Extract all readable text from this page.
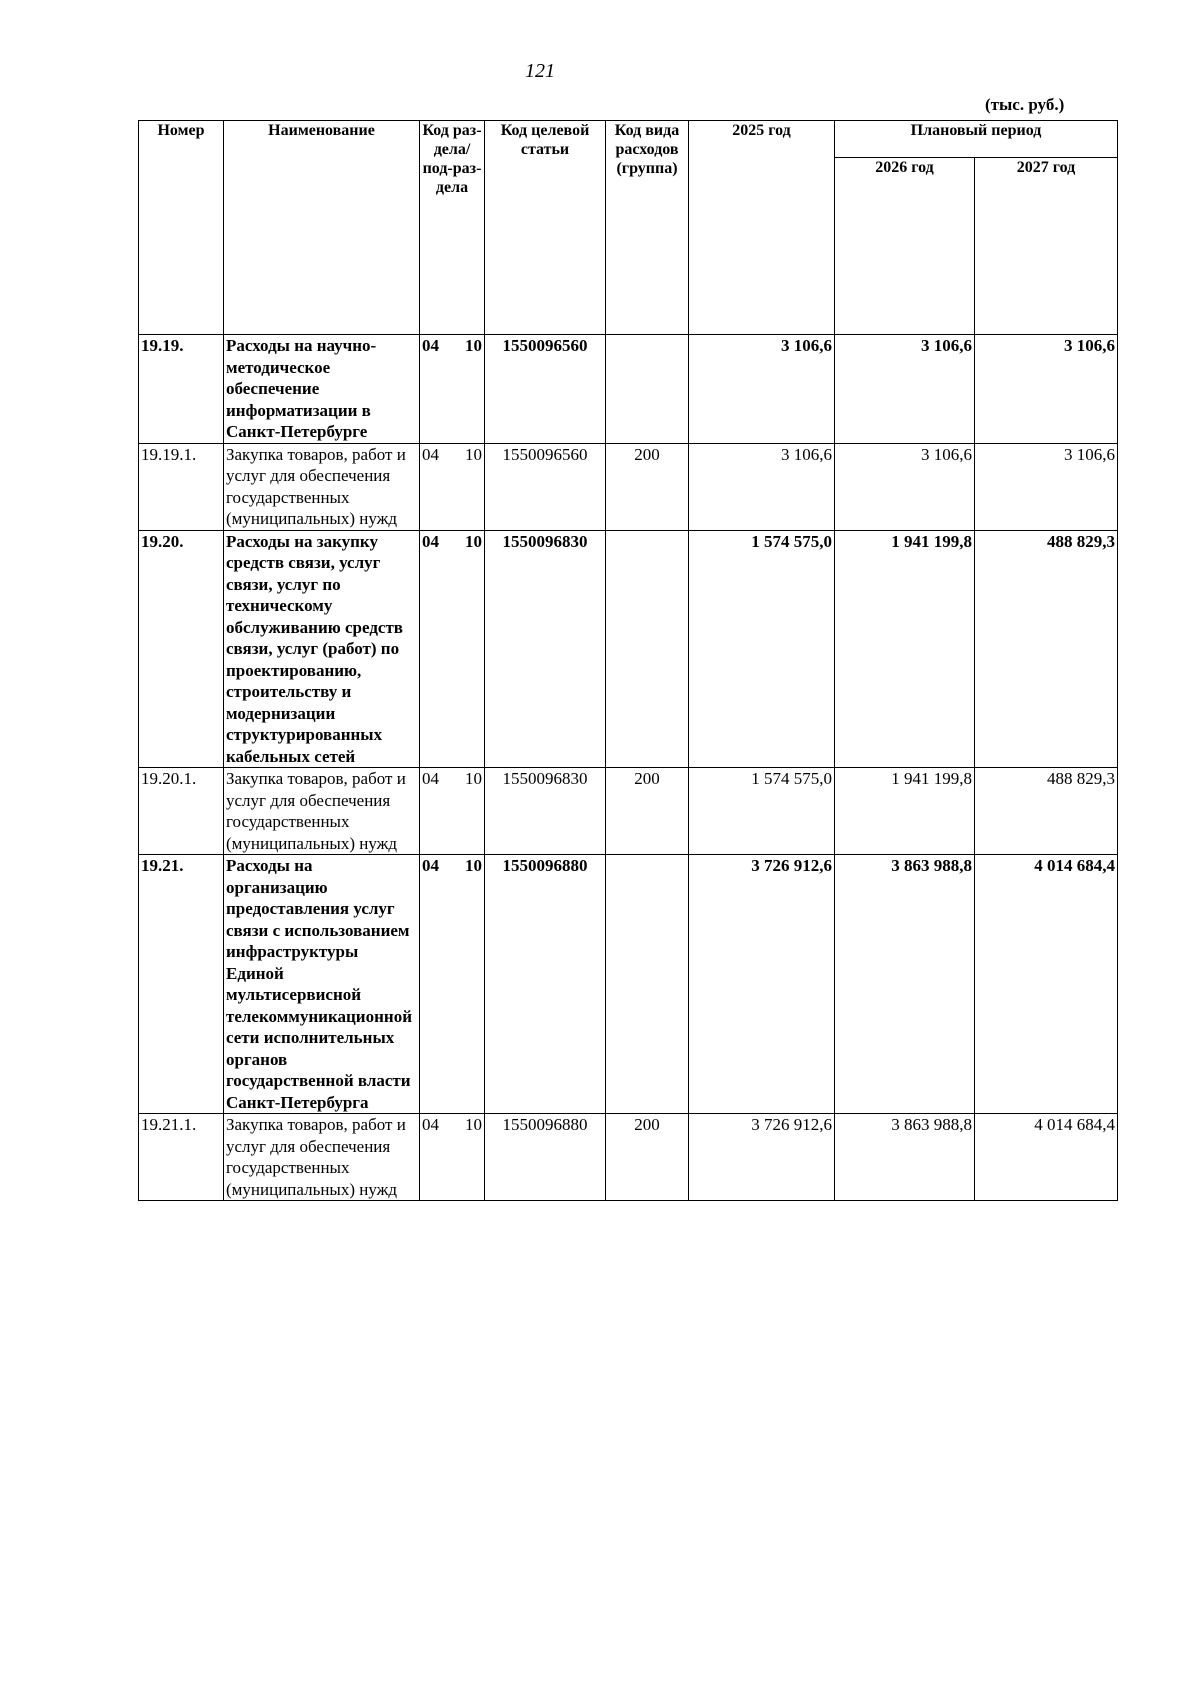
121
(тыс. руб.)
Номер	Наименование	Код раз-дела/ под-раз-дела	Код целевой статьи	Код вида расходов (группа)	2025 год	Плановый период	
						2026 год	2027 год
19.19.	Расходы на научно-методическое обеспечение информатизации в Санкт-Петербурге	04 10	1550096560		3 106,6	3 106,6	3 106,6
19.19.1.	Закупка товаров, работ и услуг для обеспечения государственных (муниципальных) нужд	04 10	1550096560	200	3 106,6	3 106,6	3 106,6
19.20.	Расходы на закупку средств связи, услуг связи, услуг по техническому обслуживанию средств связи, услуг (работ) по проектированию, строительству и модернизации структурированных кабельных сетей	04 10	1550096830		1 574 575,0	1 941 199,8	488 829,3
19.20.1.	Закупка товаров, работ и услуг для обеспечения государственных (муниципальных) нужд	04 10	1550096830	200	1 574 575,0	1 941 199,8	488 829,3
19.21.	Расходы на организацию предоставления услуг связи с использованием инфраструктуры Единой мультисервисной телекоммуникационной сети исполнительных органов государственной власти Санкт-Петербурга	04 10	1550096880		3 726 912,6	3 863 988,8	4 014 684,4
19.21.1.	Закупка товаров, работ и услуг для обеспечения государственных (муниципальных) нужд	04 10	1550096880	200	3 726 912,6	3 863 988,8	4 014 684,4
